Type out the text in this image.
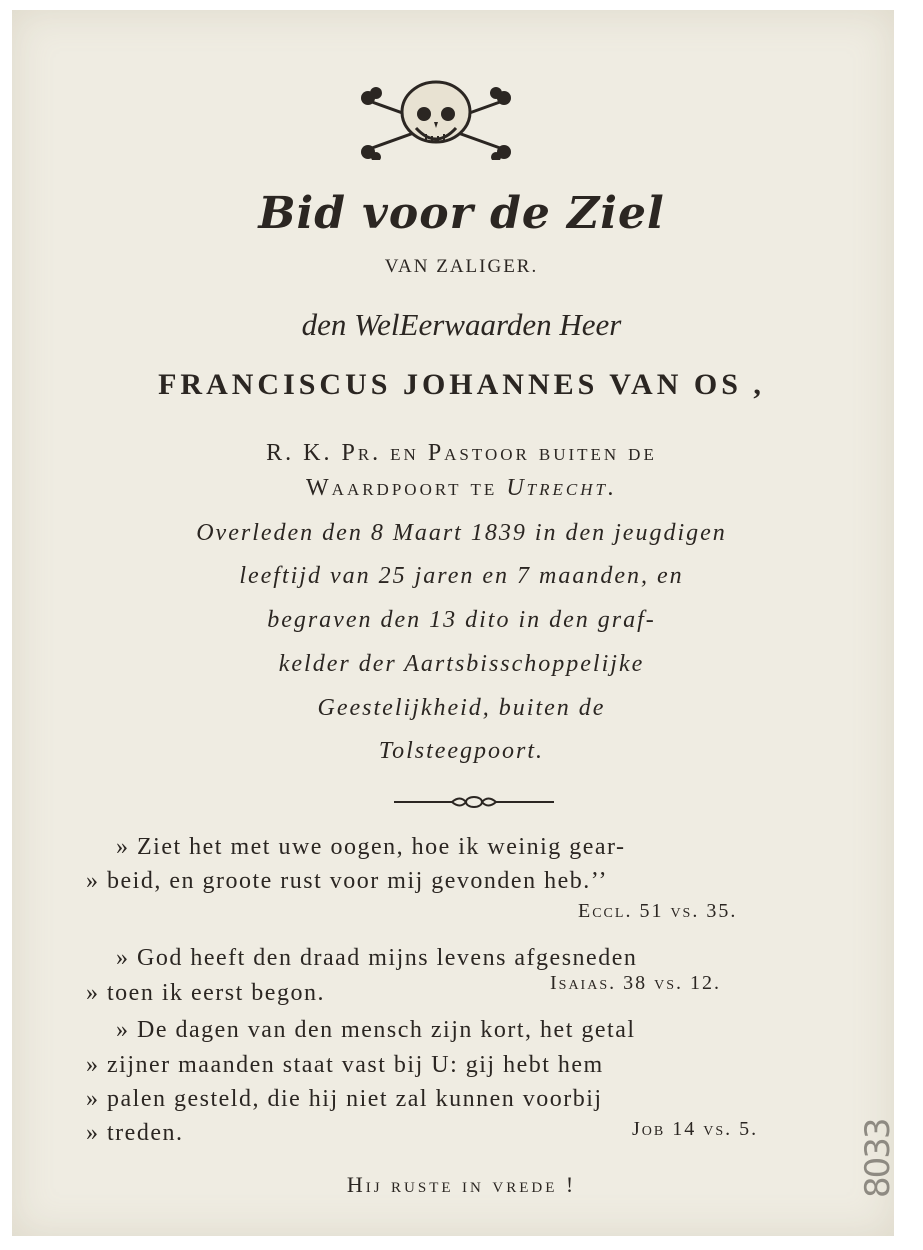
Bid voor de Ziel
VAN ZALIGER.
den WelEerwaarden Heer
FRANCISCUS JOHANNES VAN OS ,
R. K. Pr. en Pastoor buiten de
Waardpoort te Utrecht.
Overleden den 8 Maart 1839 in den jeugdigen
leeftijd van 25 jaren en 7 maanden, en
begraven den 13 dito in den graf-
kelder der Aartsbisschoppelijke
Geestelijkheid, buiten de
Tolsteegpoort.
» Ziet het met uwe oogen, hoe ik weinig gear-
» beid, en groote rust voor mij gevonden heb.’’
Eccl. 51 vs. 35.
» God heeft den draad mijns levens afgesneden
» toen ik eerst begon.	Isaias. 38 vs. 12.
» De dagen van den mensch zijn kort, het getal
» zijner maanden staat vast bij U: gij hebt hem
» palen gesteld, die hij niet zal kunnen voorbij
» treden.	Job 14 vs. 5.
Hij ruste in vrede !	8033
